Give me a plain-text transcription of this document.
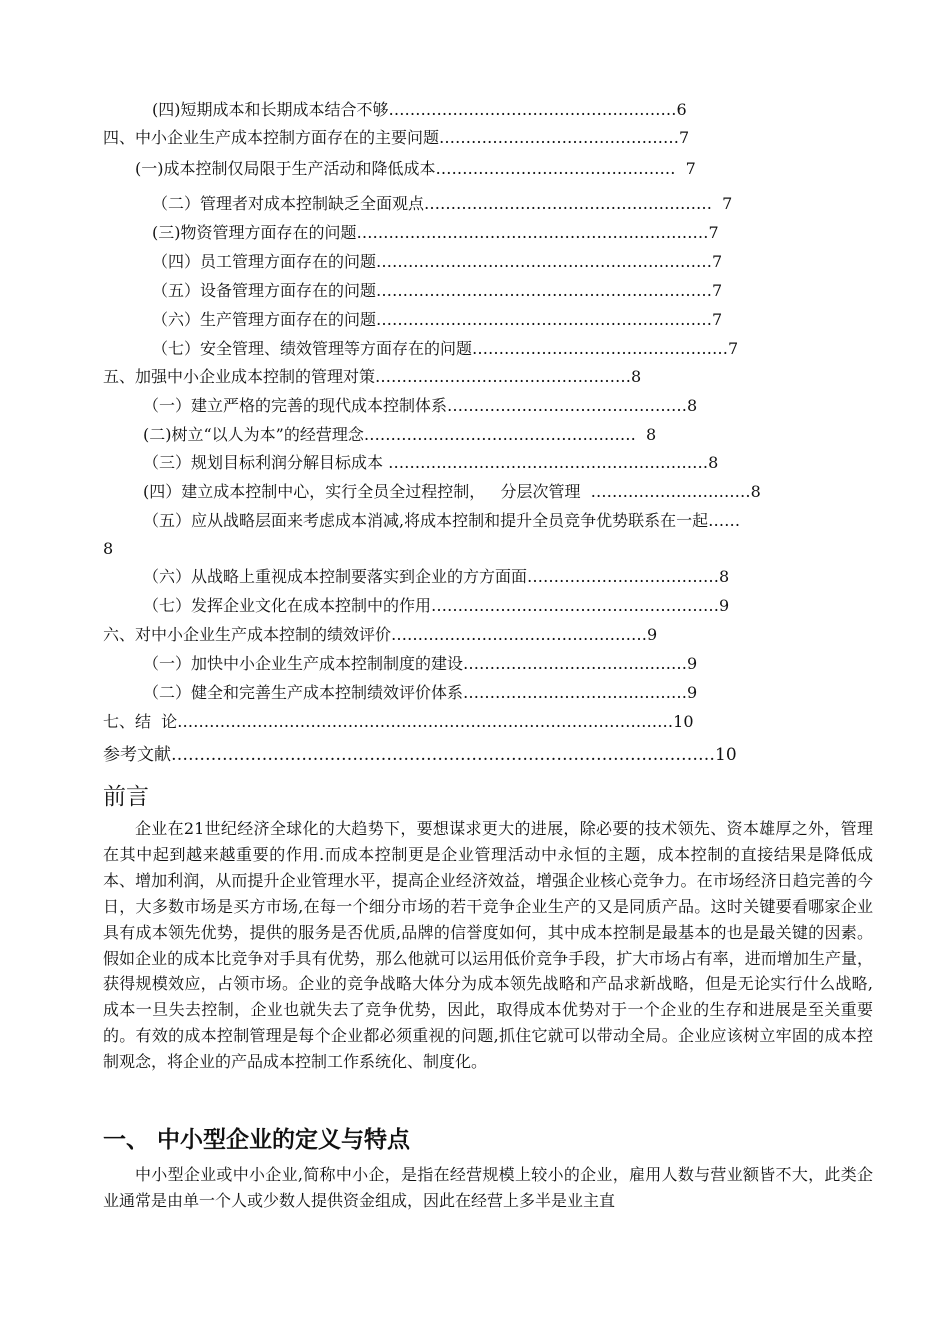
(四)短期成本和长期成本结合不够………………………………………………6
四、中小企业生产成本控制方面存在的主要问题………………………………………7
(一)成本控制仅局限于生产活动和降低成本………………………………………  7
（二）管理者对成本控制缺乏全面观点………………………………………………  7
(三)物资管理方面存在的问题…………………………………………………………7
（四）员工管理方面存在的问题………………………………………………………7
（五）设备管理方面存在的问题………………………………………………………7
（六）生产管理方面存在的问题………………………………………………………7
（七）安全管理、绩效管理等方面存在的问题…………………………………………7
五、加强中小企业成本控制的管理对策…………………………………………8
（一）建立严格的完善的现代成本控制体系………………………………………8
(二)树立“以人为本”的经营理念……………………………………………  8
（三）规划目标利润分解目标成本 ……………………………………………………8
(四）建立成本控制中心，实行全员全过程控制，   分层次管理  …………………………8
（五）应从战略层面来考虑成本消减,将成本控制和提升全员竞争优势联系在一起……
8
（六）从战略上重视成本控制要落实到企业的方方面面………………………………8
（七）发挥企业文化在成本控制中的作用………………………………………………9
六、对中小企业生产成本控制的绩效评价…………………………………………9
（一）加快中小企业生产成本控制制度的建设……………………………………9
（二）健全和完善生产成本控制绩效评价体系……………………………………9
七、结  论…………………………………………………………………………………10
参考文献……………………………………………………………………………………10
前言
企业在21世纪经济全球化的大趋势下，要想谋求更大的进展，除必要的技术领先、资本雄厚之外，管理在其中起到越来越重要的作用.而成本控制更是企业管理活动中永恒的主题，成本控制的直接结果是降低成本、增加利润，从而提升企业管理水平，提高企业经济效益，增强企业核心竞争力。在市场经济日趋完善的今日，大多数市场是买方市场,在每一个细分市场的若干竞争企业生产的又是同质产品。这时关键要看哪家企业具有成本领先优势，提供的服务是否优质,品牌的信誉度如何，其中成本控制是最基本的也是最关键的因素。假如企业的成本比竞争对手具有优势，那么他就可以运用低价竞争手段，扩大市场占有率，进而增加生产量，获得规模效应，占领市场。企业的竞争战略大体分为成本领先战略和产品求新战略，但是无论实行什么战略,成本一旦失去控制，企业也就失去了竞争优势，因此，取得成本优势对于一个企业的生存和进展是至关重要的。有效的成本控制管理是每个企业都必须重视的问题,抓住它就可以带动全局。企业应该树立牢固的成本控制观念，将企业的产品成本控制工作系统化、制度化。
一、 中小型企业的定义与特点
中小型企业或中小企业,简称中小企，是指在经营规模上较小的企业，雇用人数与营业额皆不大，此类企业通常是由单一个人或少数人提供资金组成，因此在经营上多半是业主直
